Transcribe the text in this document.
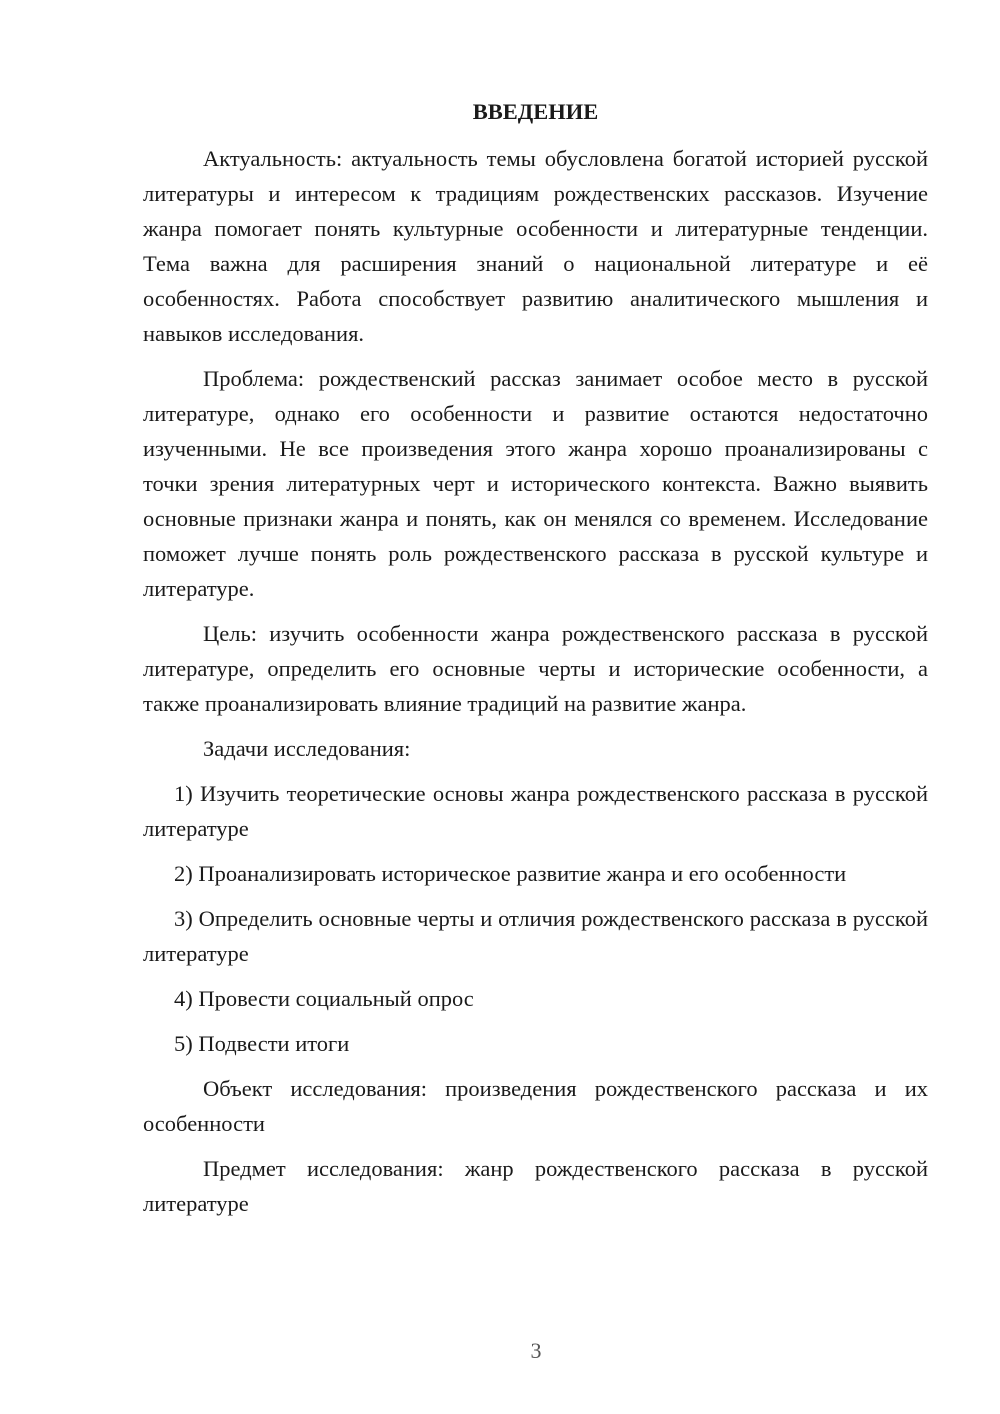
ВВЕДЕНИЕ

Актуальность: актуальность темы обусловлена богатой историей русской литературы и интересом к традициям рождественских рассказов. Изучение жанра помогает понять культурные особенности и литературные тенденции. Тема важна для расширения знаний о национальной литературе и её особенностях. Работа способствует развитию аналитического мышления и навыков исследования.

Проблема: рождественский рассказ занимает особое место в русской литературе, однако его особенности и развитие остаются недостаточно изученными. Не все произведения этого жанра хорошо проанализированы с точки зрения литературных черт и исторического контекста. Важно выявить основные признаки жанра и понять, как он менялся со временем. Исследование поможет лучше понять роль рождественского рассказа в русской культуре и литературе.

Цель: изучить особенности жанра рождественского рассказа в русской литературе, определить его основные черты и исторические особенности, а также проанализировать влияние традиций на развитие жанра.

Задачи исследования:

1) Изучить теоретические основы жанра рождественского рассказа в русской литературе

2) Проанализировать историческое развитие жанра и его особенности

3) Определить основные черты и отличия рождественского рассказа в русской литературе

4) Провести социальный опрос

5) Подвести итоги

Объект исследования: произведения рождественского рассказа и их особенности

Предмет исследования: жанр рождественского рассказа в русской литературе

3
